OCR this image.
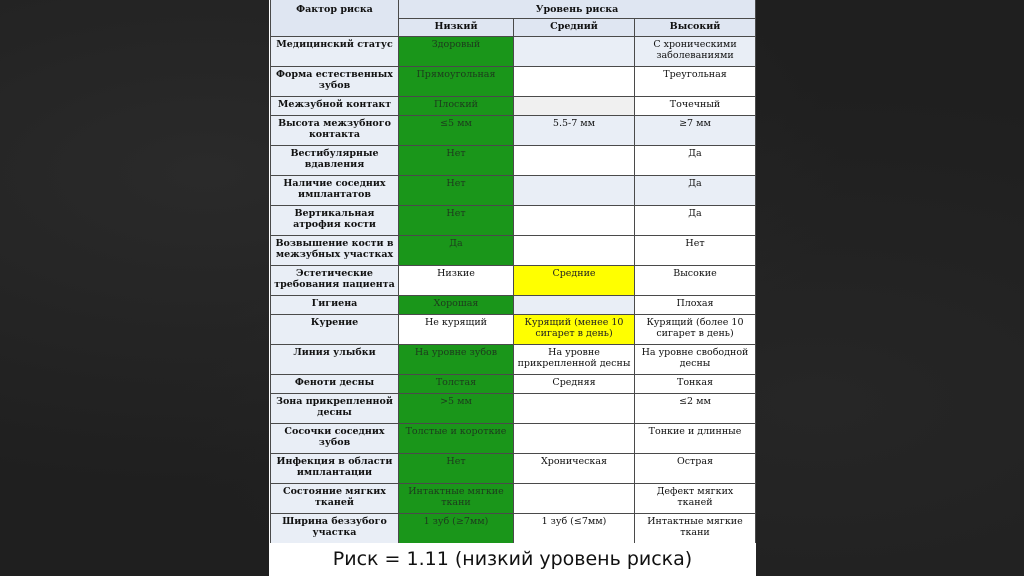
Фактор риска	Уровень риска		
	Низкий	Средний	Высокий
Медицинский статус	Здоровый		С хроническими заболеваниями
Форма естественных зубов	Прямоугольная		Треугольная
Межзубной контакт	Плоский		Точечный
Высота межзубного контакта	≤5 мм	5.5-7 мм	≥7 мм
Вестибулярные вдавления	Нет		Да
Наличие соседних имплантатов	Нет		Да
Вертикальная атрофия кости	Нет		Да
Возвышение кости в межзубных участках	Да		Нет
Эстетические требования пациента	Низкие	Средние	Высокие
Гигиена	Хорошая		Плохая
Курение	Не курящий	Курящий (менее 10 сигарет в день)	Курящий (более 10 сигарет в день)
Линия улыбки	На уровне зубов	На уровне прикрепленной десны	На уровне свободной десны
Феноти десны	Толстая	Средняя	Тонкая
Зона прикрепленной десны	>5 мм		≤2 мм
Сосочки соседних зубов	Толстые и короткие		Тонкие и длинные
Инфекция в области имплантации	Нет	Хроническая	Острая
Состояние мягких тканей	Интактные мягкие ткани		Дефект мягких тканей
Ширина беззубого участка	1 зуб (≥7мм)	1 зуб (≤7мм)	Интактные мягкие ткани
Риск = 1.11 (низкий уровень риска)
